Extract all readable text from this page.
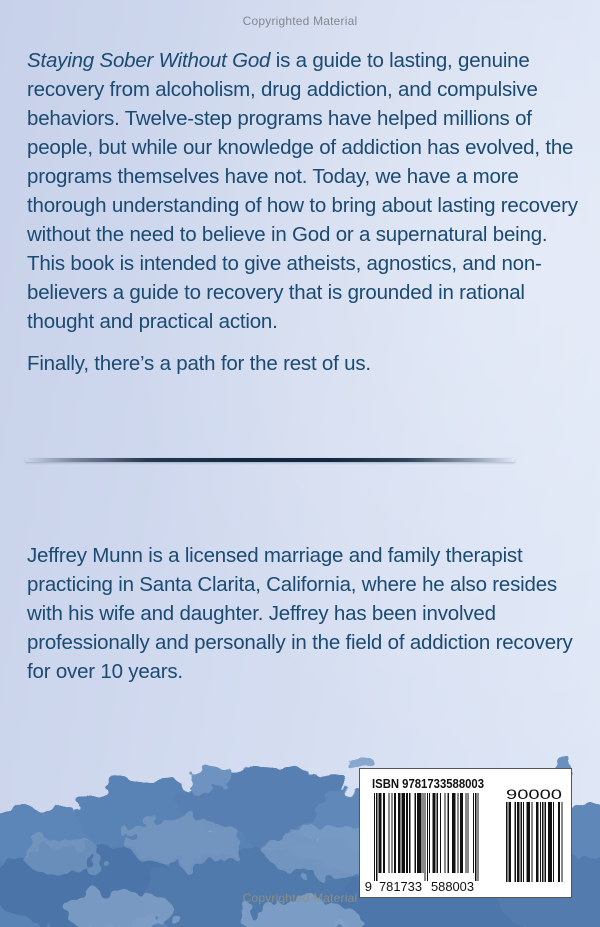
Copyrighted Material
Staying Sober Without God is a guide to lasting, genuine recovery from alcoholism, drug addiction, and compulsive behaviors. Twelve-step programs have helped millions of people, but while our knowledge of addiction has evolved, the programs themselves have not. Today, we have a more thorough understanding of how to bring about lasting recovery without the need to believe in God or a supernatural being. This book is intended to give atheists, agnostics, and non-believers a guide to recovery that is grounded in rational thought and practical action.
Finally, there’s a path for the rest of us.
Jeffrey Munn is a licensed marriage and family therapist practicing in Santa Clarita, California, where he also resides with his wife and daughter. Jeffrey has been involved professionally and personally in the field of addiction recovery for over 10 years.
ISBN 9781733588003
9 781733 588003
90000
Copyrighted Material
